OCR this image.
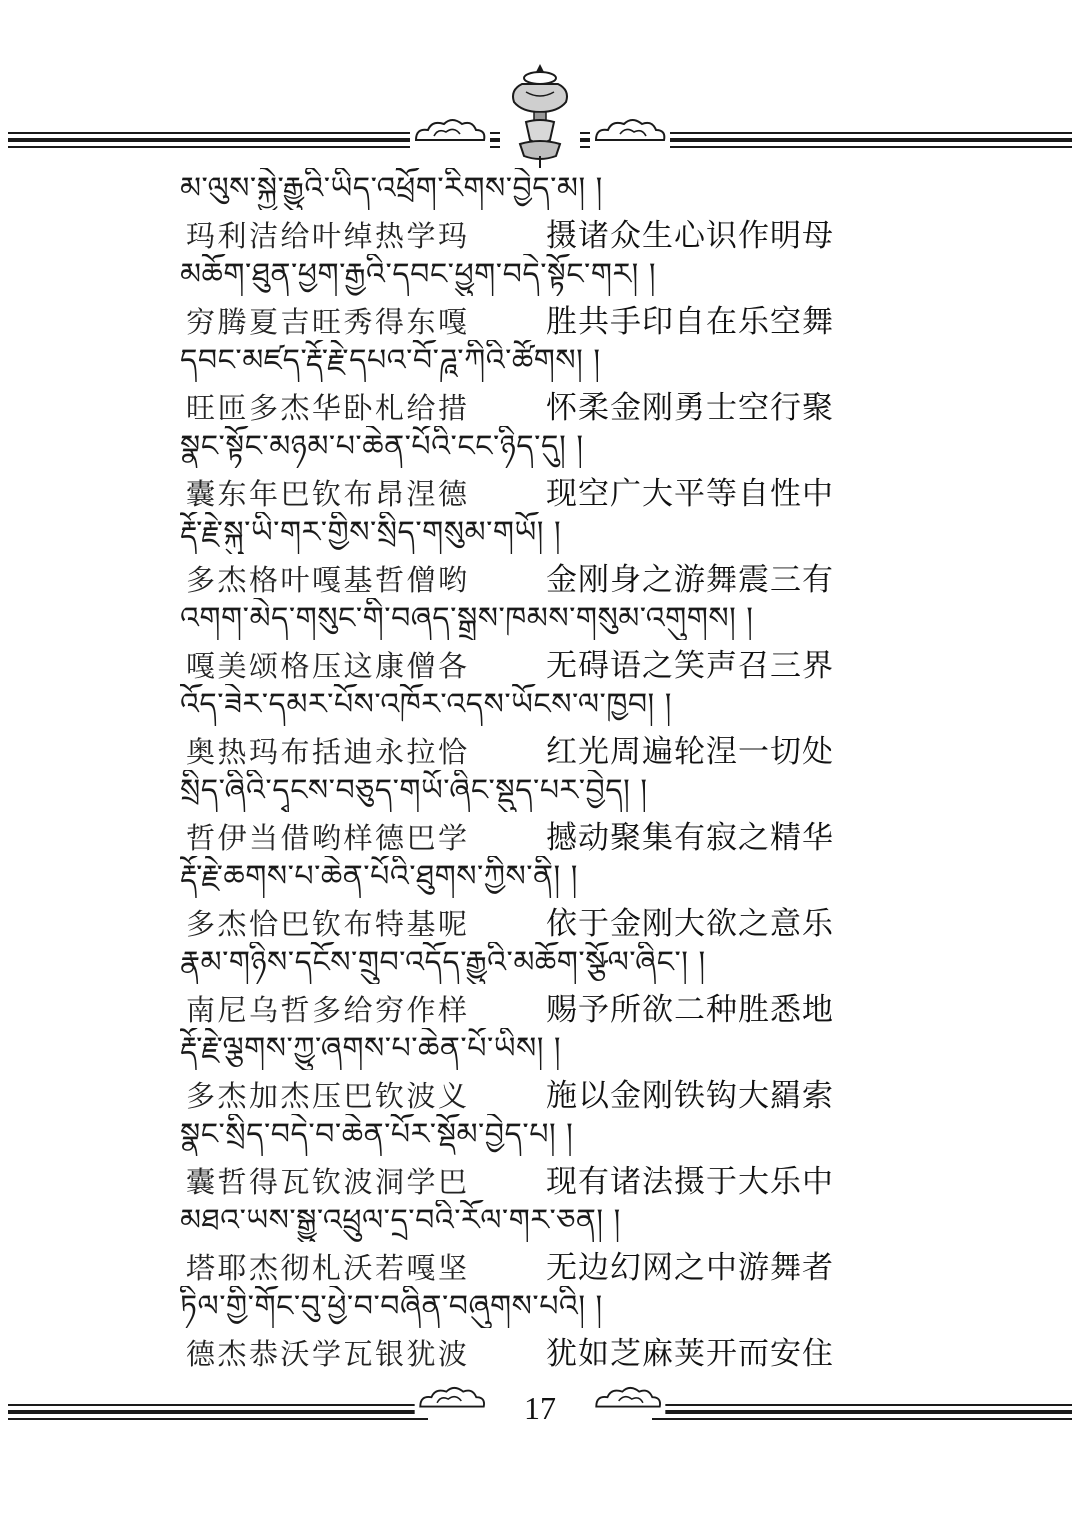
མ་ལུས་སྐྱེ་རྒྱུའི་ཡིད་འཕྲོག་རིགས་བྱེད་མ། །
玛利洁给叶绰热学玛	摄诸众生心识作明母
མཆོག་ཐུན་ཕྱག་རྒྱའི་དབང་ཕྱུག་བདེ་སྟོང་གར། །
穷腾夏吉旺秀得东嘎	胜共手印自在乐空舞
དབང་མཛད་རྡོ་རྗེ་དཔའ་བོ་ཌཱ་ཀིའི་ཚོགས། །
旺匝多杰华卧札给措	怀柔金刚勇士空行聚
སྣང་སྟོང་མཉམ་པ་ཆེན་པོའི་ངང་ཉིད་དུ། །
囊东年巴钦布昂涅德	现空广大平等自性中
རྡོ་རྗེ་སྐུ་ཡི་གར་གྱིས་སྲིད་གསུམ་གཡོ། །
多杰格叶嘎基哲僧哟	金刚身之游舞震三有
འགག་མེད་གསུང་གི་བཞད་སྒྲས་ཁམས་གསུམ་འགུགས། །
嘎美颂格压这康僧各	无碍语之笑声召三界
འོད་ཟེར་དམར་པོས་འཁོར་འདས་ཡོངས་ལ་ཁྱབ། །
奥热玛布括迪永拉恰	红光周遍轮涅一切处
སྲིད་ཞིའི་དྭངས་བཅུད་གཡོ་ཞིང་སྡུད་པར་བྱེད། །
哲伊当借哟样德巴学	撼动聚集有寂之精华
རྡོ་རྗེ་ཆགས་པ་ཆེན་པོའི་ཐུགས་ཀྱིས་ནི། །
多杰恰巴钦布特基呢	依于金刚大欲之意乐
རྣམ་གཉིས་དངོས་གྲུབ་འདོད་རྒྱུའི་མཆོག་སྩོལ་ཞིང་། །
南尼乌哲多给穷作样	赐予所欲二种胜悉地
རྡོ་རྗེ་ལྕགས་ཀྱུ་ཞགས་པ་ཆེན་པོ་ཡིས། །
多杰加杰压巴钦波义	施以金刚铁钩大羂索
སྣང་སྲིད་བདེ་བ་ཆེན་པོར་སྡོམ་བྱེད་པ། །
囊哲得瓦钦波洞学巴	现有诸法摄于大乐中
མཐའ་ཡས་སྒྱུ་འཕྲུལ་དྲ་བའི་རོལ་གར་ཅན། །
塔耶杰彻札沃若嘎坚	无边幻网之中游舞者
ཏིལ་གྱི་གོང་བུ་ཕྱེ་བ་བཞིན་བཞུགས་པའི། །
德杰恭沃学瓦银犹波	犹如芝麻荚开而安住
17
